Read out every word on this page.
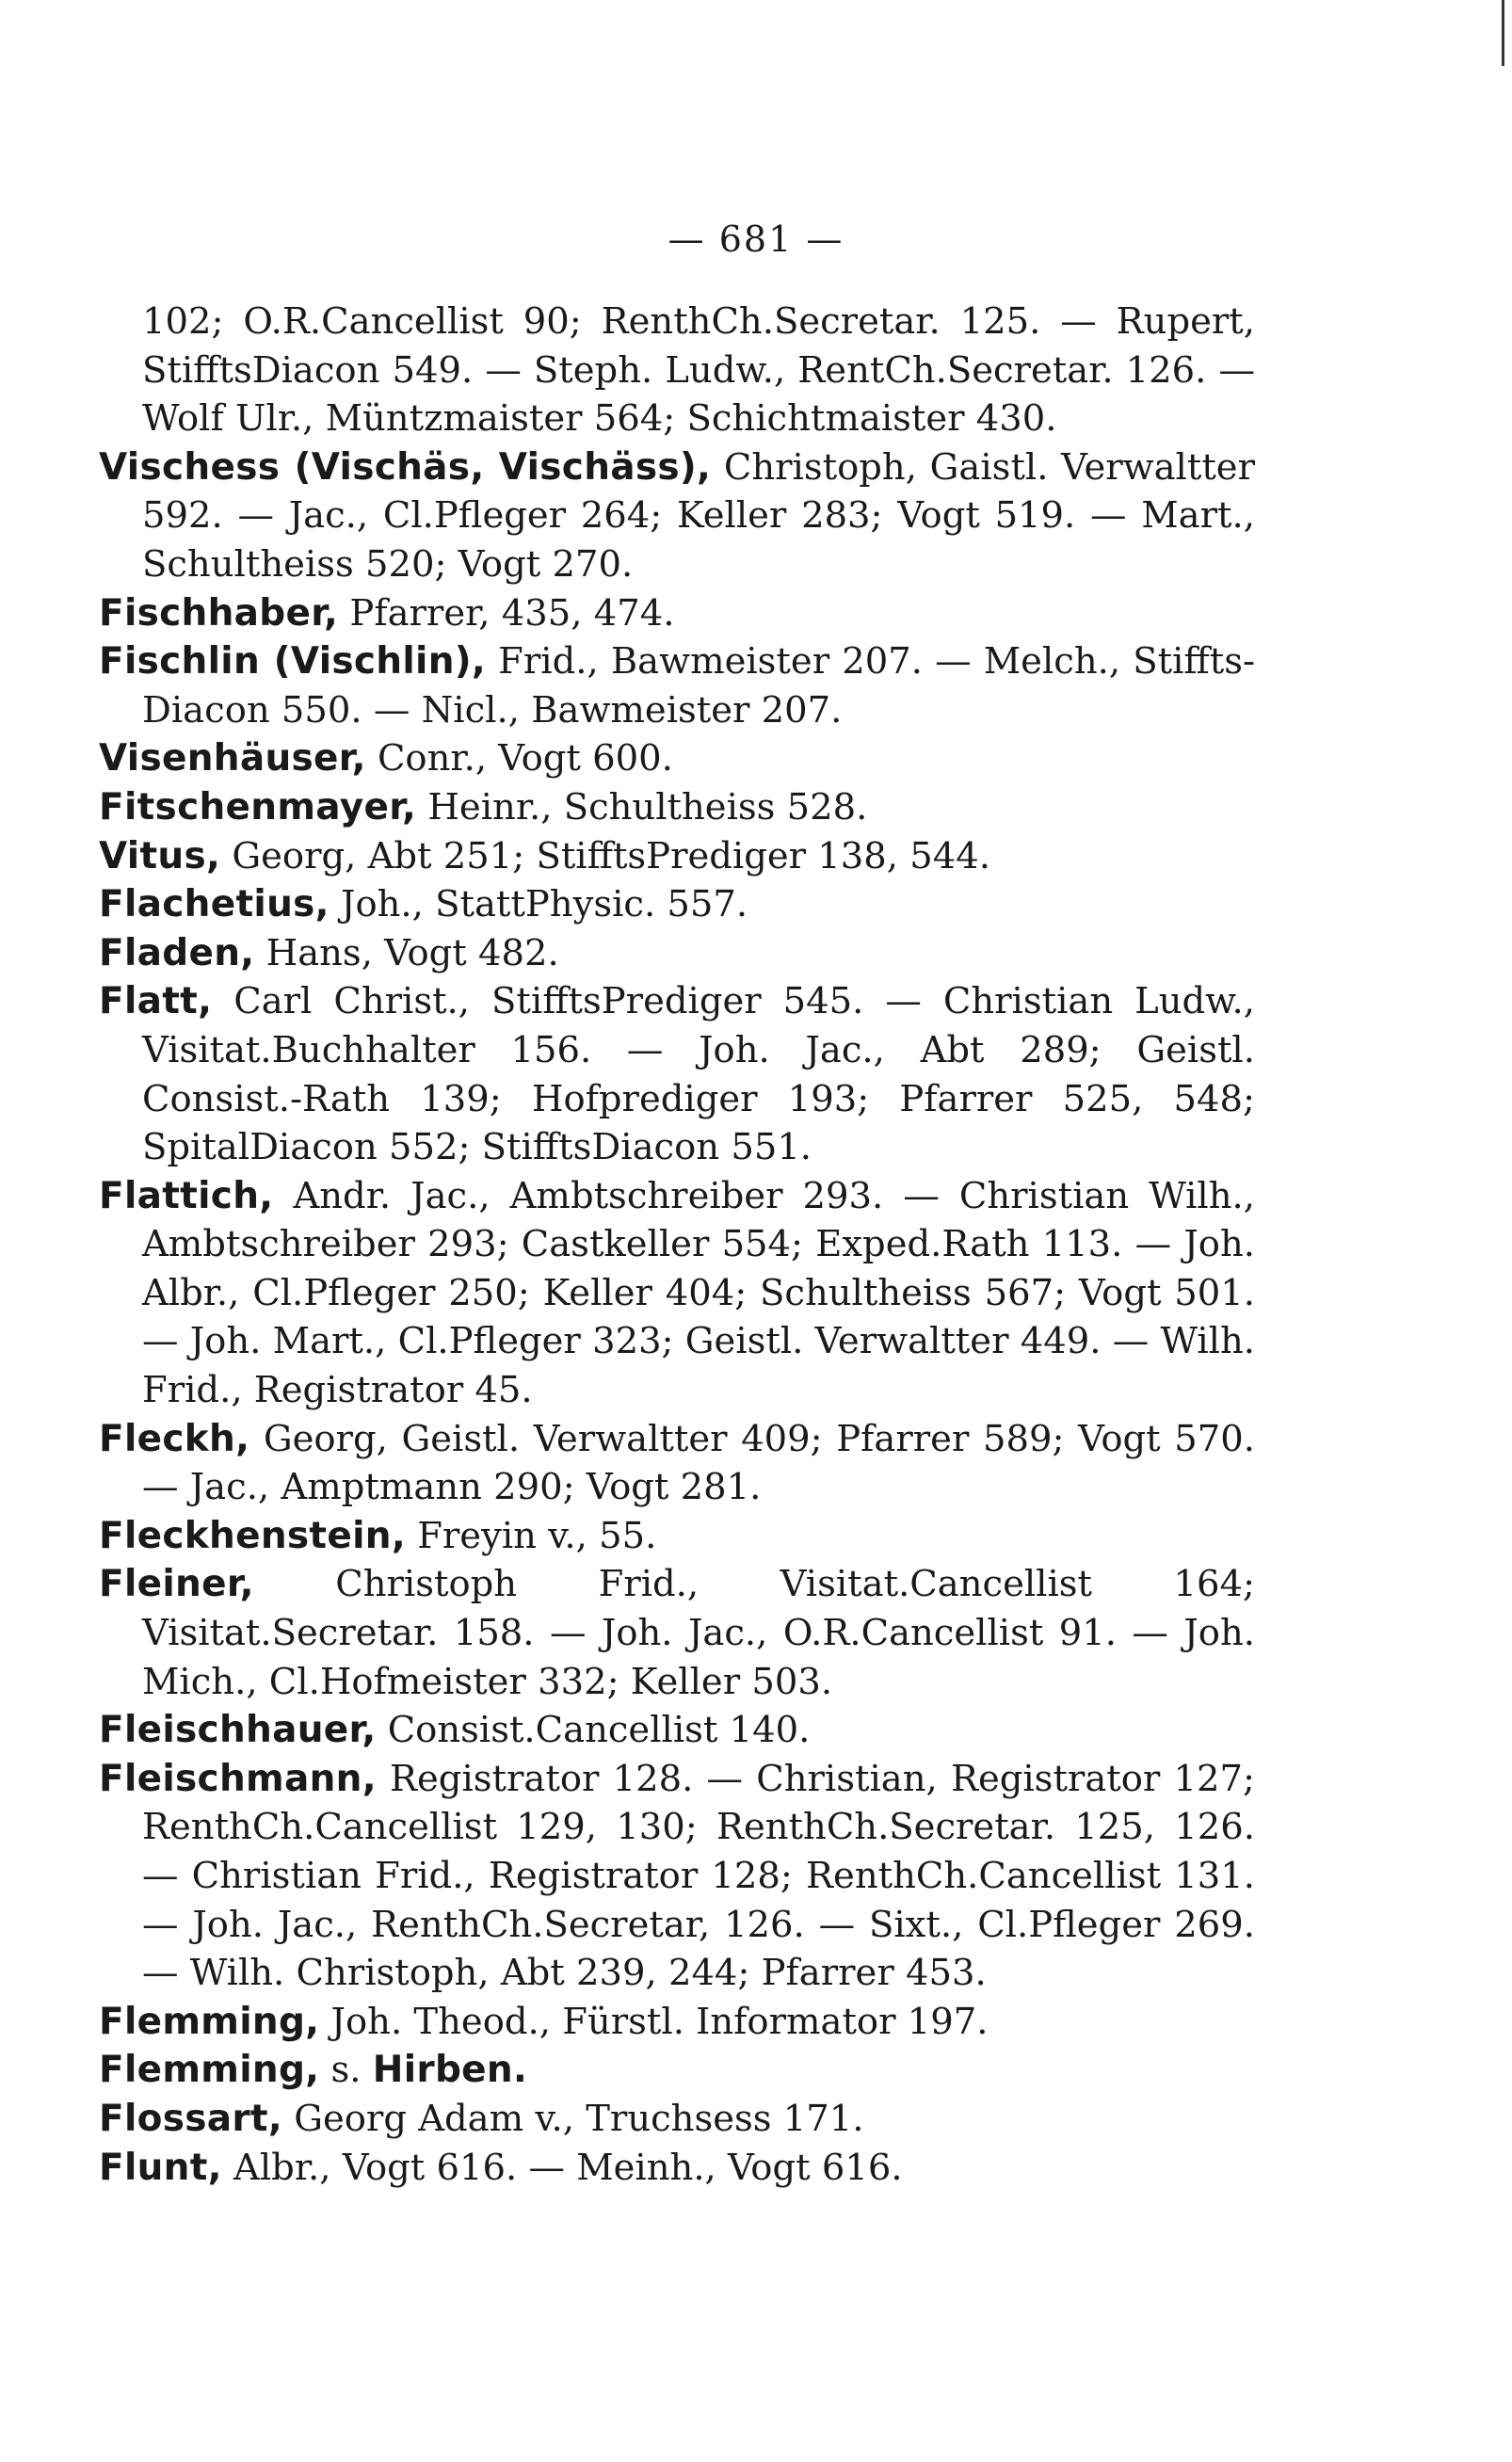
— 681 —

102; O.R.Cancellist 90; RenthCh.Secretar. 125. — Rupert, StifftsDiacon 549. — Steph. Ludw., RentCh.Secretar. 126. — Wolf Ulr., Müntzmaister 564; Schichtmaister 430.

Vischess (Vischäs, Vischäss), Christoph, Gaistl. Verwaltter 592. — Jac., Cl.Pfleger 264; Keller 283; Vogt 519. — Mart., Schultheiss 520; Vogt 270.

Fischhaber, Pfarrer, 435, 474.

Fischlin (Vischlin), Frid., Bawmeister 207. — Melch., Stiffts-Diacon 550. — Nicl., Bawmeister 207.

Visenhäuser, Conr., Vogt 600.

Fitschenmayer, Heinr., Schultheiss 528.

Vitus, Georg, Abt 251; StifftsPrediger 138, 544.

Flachetius, Joh., StattPhysic. 557.

Fladen, Hans, Vogt 482.

Flatt, Carl Christ., StifftsPrediger 545. — Christian Ludw., Visitat.Buchhalter 156. — Joh. Jac., Abt 289; Geistl. Consist.-Rath 139; Hofprediger 193; Pfarrer 525, 548; SpitalDiacon 552; StifftsDiacon 551.

Flattich, Andr. Jac., Ambtschreiber 293. — Christian Wilh., Ambtschreiber 293; Castkeller 554; Exped.Rath 113. — Joh. Albr., Cl.Pfleger 250; Keller 404; Schultheiss 567; Vogt 501. — Joh. Mart., Cl.Pfleger 323; Geistl. Verwaltter 449. — Wilh. Frid., Registrator 45.

Fleckh, Georg, Geistl. Verwaltter 409; Pfarrer 589; Vogt 570. — Jac., Amptmann 290; Vogt 281.

Fleckhenstein, Freyin v., 55.

Fleiner, Christoph Frid., Visitat.Cancellist 164; Visitat.Secretar. 158. — Joh. Jac., O.R.Cancellist 91. — Joh. Mich., Cl.Hofmeister 332; Keller 503.

Fleischhauer, Consist.Cancellist 140.

Fleischmann, Registrator 128. — Christian, Registrator 127; RenthCh.Cancellist 129, 130; RenthCh.Secretar. 125, 126. — Christian Frid., Registrator 128; RenthCh.Cancellist 131. — Joh. Jac., RenthCh.Secretar, 126. — Sixt., Cl.Pfleger 269. — Wilh. Christoph, Abt 239, 244; Pfarrer 453.

Flemming, Joh. Theod., Fürstl. Informator 197.

Flemming, s. Hirben.

Flossart, Georg Adam v., Truchsess 171.

Flunt, Albr., Vogt 616. — Meinh., Vogt 616.
